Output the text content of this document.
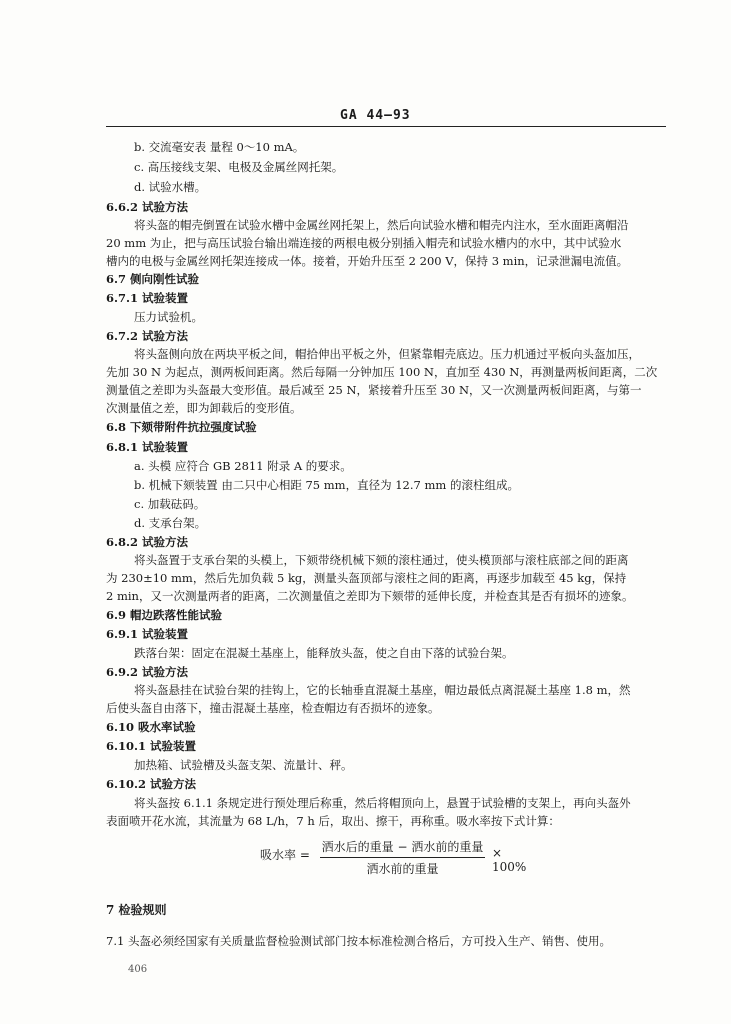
GA 44—93
b. 交流毫安表 量程 0～10 mA。
c. 高压接线支架、电极及金属丝网托架。
d. 试验水槽。
6.6.2 试验方法
将头盔的帽壳倒置在试验水槽中金属丝网托架上，然后向试验水槽和帽壳内注水，至水面距离帽沿
20 mm 为止，把与高压试验台输出端连接的两根电极分别插入帽壳和试验水槽内的水中，其中试验水
槽内的电极与金属丝网托架连接成一体。接着，开始升压至 2 200 V，保持 3 min，记录泄漏电流值。
6.7 侧向刚性试验
6.7.1 试验装置
压力试验机。
6.7.2 试验方法
将头盔侧向放在两块平板之间，帽拾伸出平板之外，但紧靠帽壳底边。压力机通过平板向头盔加压，
先加 30 N 为起点，测两板间距离。然后每隔一分钟加压 100 N，直加至 430 N，再测量两板间距离，二次
测量值之差即为头盔最大变形值。最后减至 25 N，紧接着升压至 30 N，又一次测量两板间距离，与第一
次测量值之差，即为卸载后的变形值。
6.8 下颏带附件抗拉强度试验
6.8.1 试验装置
a. 头模 应符合 GB 2811 附录 A 的要求。
b. 机械下颏装置 由二只中心相距 75 mm，直径为 12.7 mm 的滚柱组成。
c. 加载砝码。
d. 支承台架。
6.8.2 试验方法
将头盔置于支承台架的头模上，下颏带绕机械下颏的滚柱通过，使头模顶部与滚柱底部之间的距离
为 230±10 mm，然后先加负载 5 kg，测量头盔顶部与滚柱之间的距离，再逐步加载至 45 kg，保持
2 min，又一次测量两者的距离，二次测量值之差即为下颏带的延伸长度，并检查其是否有损坏的迹象。
6.9 帽边跌落性能试验
6.9.1 试验装置
跌落台架：固定在混凝土基座上，能释放头盔，使之自由下落的试验台架。
6.9.2 试验方法
将头盔悬挂在试验台架的挂钩上，它的长轴垂直混凝土基座，帽边最低点离混凝土基座 1.8 m，然
后使头盔自由落下，撞击混凝土基座，检查帽边有否损坏的迹象。
6.10 吸水率试验
6.10.1 试验装置
加热箱、试验槽及头盔支架、流量计、秤。
6.10.2 试验方法
将头盔按 6.1.1 条规定进行预处理后称重，然后将帽顶向上，悬置于试验槽的支架上，再向头盔外
表面喷开花水流，其流量为 68 L/h，7 h 后，取出、擦干，再称重。吸水率按下式计算：
吸水率 =
洒水后的重量 − 洒水前的重量
洒水前的重量
× 100%
7 检验规则
7.1 头盔必须经国家有关质量监督检验测试部门按本标准检测合格后，方可投入生产、销售、使用。
406
